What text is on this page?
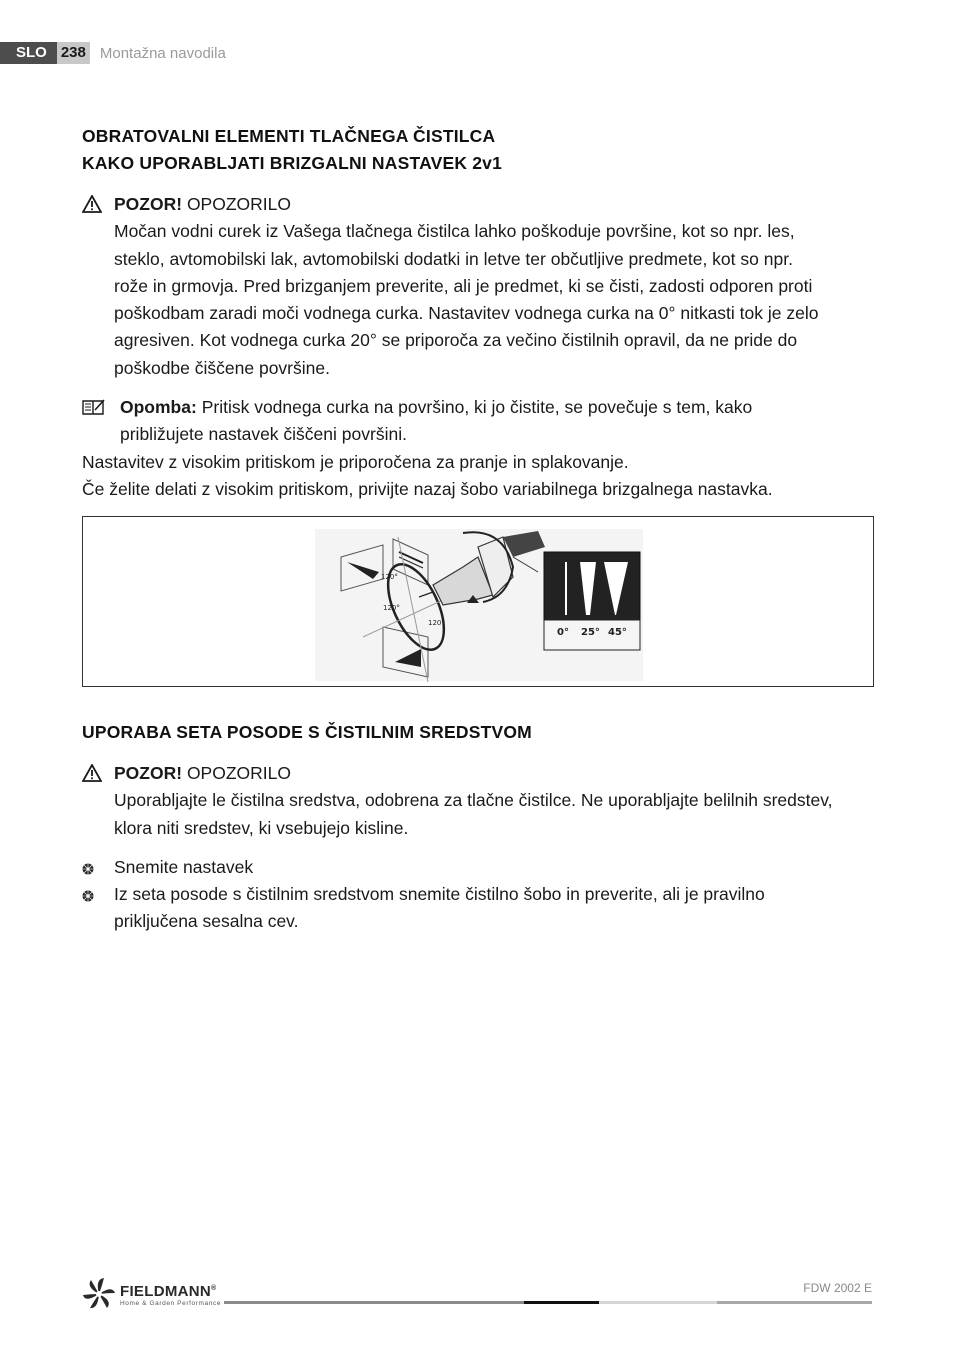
SLO 238 Montažna navodila
OBRATOVALNI ELEMENTI TLAČNEGA ČISTILCA
KAKO UPORABLJATI BRIZGALNI NASTAVEK 2v1
POZOR! OPOZORILO
Močan vodni curek iz Vašega tlačnega čistilca lahko poškoduje površine, kot so npr. les,
steklo, avtomobilski lak, avtomobilski dodatki in letve ter občutljive predmete, kot so npr.
rože in grmovja. Pred brizganjem preverite, ali je predmet, ki se čisti, zadosti odporen proti
poškodbam zaradi moči vodnega curka. Nastavitev vodnega curka na 0° nitkasti tok je zelo
agresiven. Kot vodnega curka 20° se priporoča za večino čistilnih opravil, da ne pride do
poškodbe čiščene površine.
Opomba: Pritisk vodnega curka na površino, ki jo čistite, se povečuje s tem, kako
približujete nastavek čiščeni površini.

Nastavitev z visokim pritiskom je priporočena za pranje in splakovanje.

Če želite delati z visokim pritiskom, privijte nazaj šobo variabilnega brizgalnega nastavka.

120°
120°
120°
0° 25° 45°
UPORABA SETA POSODE S ČISTILNIM SREDSTVOM
POZOR! OPOZORILO
Uporabljajte le čistilna sredstva, odobrena za tlačne čistilce. Ne uporabljajte belilnih sredstev,
klora niti sredstev, ki vsebujejo kisline.
Snemite nastavek
Iz seta posode s čistilnim sredstvom snemite čistilno šobo in preverite, ali je pravilno
priključena sesalna cev.
FIELDMANN®
Home & Garden Performance
FDW 2002 E
